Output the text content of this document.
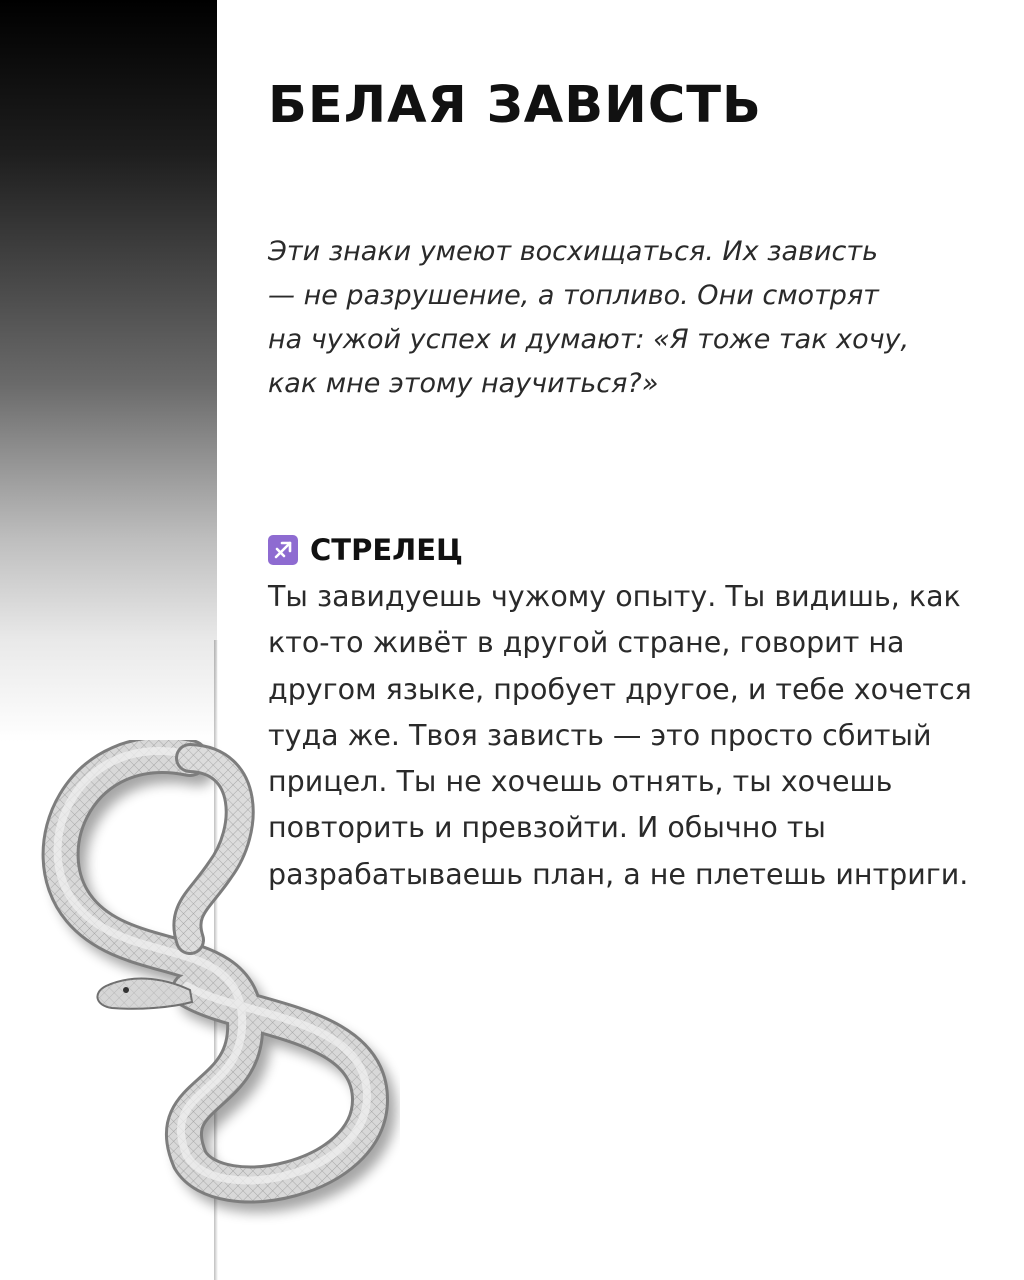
БЕЛАЯ ЗАВИСТЬ

Эти знаки умеют восхищаться. Их зависть
— не разрушение, а топливо. Они смотрят
на чужой успех и думают: «Я тоже так хочу,
как мне этому научиться?»

СТРЕЛЕЦ

Ты завидуешь чужому опыту. Ты видишь, как
кто-то живёт в другой стране, говорит на
другом языке, пробует другое, и тебе хочется
туда же. Твоя зависть — это просто сбитый
прицел. Ты не хочешь отнять, ты хочешь
повторить и превзойти. И обычно ты
разрабатываешь план, а не плетешь интриги.
